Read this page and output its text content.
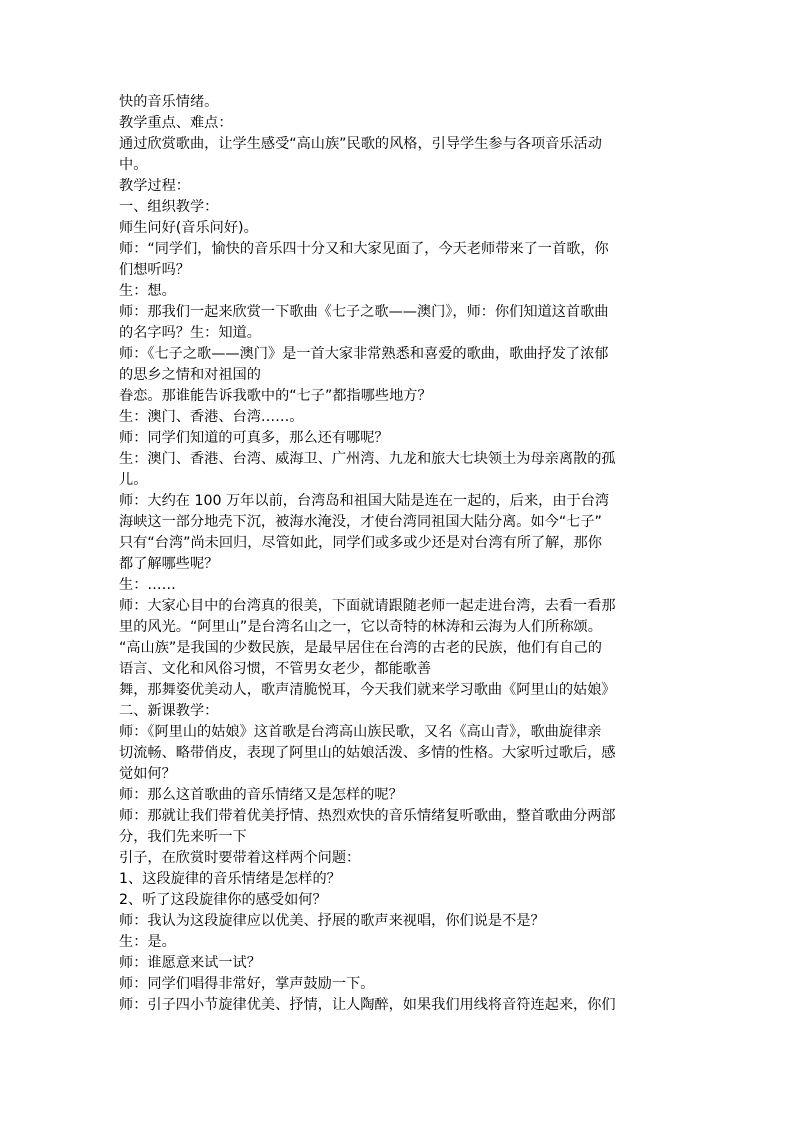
快的音乐情绪。
教学重点、难点：
通过欣赏歌曲，让学生感受“高山族”民歌的风格，引导学生参与各项音乐活动
中。
教学过程：
一、组织教学：
师生问好(音乐问好)。
师：“同学们，愉快的音乐四十分又和大家见面了，今天老师带来了一首歌，你
们想听吗？
生：想。
师：那我们一起来欣赏一下歌曲《七子之歌——澳门》，师：你们知道这首歌曲
的名字吗？生：知道。
师：《七子之歌——澳门》是一首大家非常熟悉和喜爱的歌曲，歌曲抒发了浓郁
的思乡之情和对祖国的
眷恋。那谁能告诉我歌中的“七子”都指哪些地方？
生：澳门、香港、台湾……。
师：同学们知道的可真多，那么还有哪呢？
生：澳门、香港、台湾、威海卫、广州湾、九龙和旅大七块领土为母亲离散的孤
儿。
师：大约在 100 万年以前，台湾岛和祖国大陆是连在一起的，后来，由于台湾
海峡这一部分地壳下沉，被海水淹没，才使台湾同祖国大陆分离。如今“七子”
只有“台湾”尚未回归，尽管如此，同学们或多或少还是对台湾有所了解，那你
都了解哪些呢？
生：……
师：大家心目中的台湾真的很美，下面就请跟随老师一起走进台湾，去看一看那
里的风光。“阿里山”是台湾名山之一，它以奇特的林涛和云海为人们所称颂。
“高山族”是我国的少数民族，是最早居住在台湾的古老的民族，他们有自己的
语言、文化和风俗习惯，不管男女老少，都能歌善
舞，那舞姿优美动人，歌声清脆悦耳，今天我们就来学习歌曲《阿里山的姑娘》
二、新课教学：
师：《阿里山的姑娘》这首歌是台湾高山族民歌，又名《高山青》，歌曲旋律亲
切流畅、略带俏皮，表现了阿里山的姑娘活泼、多情的性格。大家听过歌后，感
觉如何？
师：那么这首歌曲的音乐情绪又是怎样的呢？
师：那就让我们带着优美抒情、热烈欢快的音乐情绪复听歌曲，整首歌曲分两部
分，我们先来听一下
引子，在欣赏时要带着这样两个问题：
1、这段旋律的音乐情绪是怎样的？
2、听了这段旋律你的感受如何？
师：我认为这段旋律应以优美、抒展的歌声来视唱，你们说是不是？
生：是。
师：谁愿意来试一试？
师：同学们唱得非常好，掌声鼓励一下。
师：引子四小节旋律优美、抒情，让人陶醉，如果我们用线将音符连起来，你们
